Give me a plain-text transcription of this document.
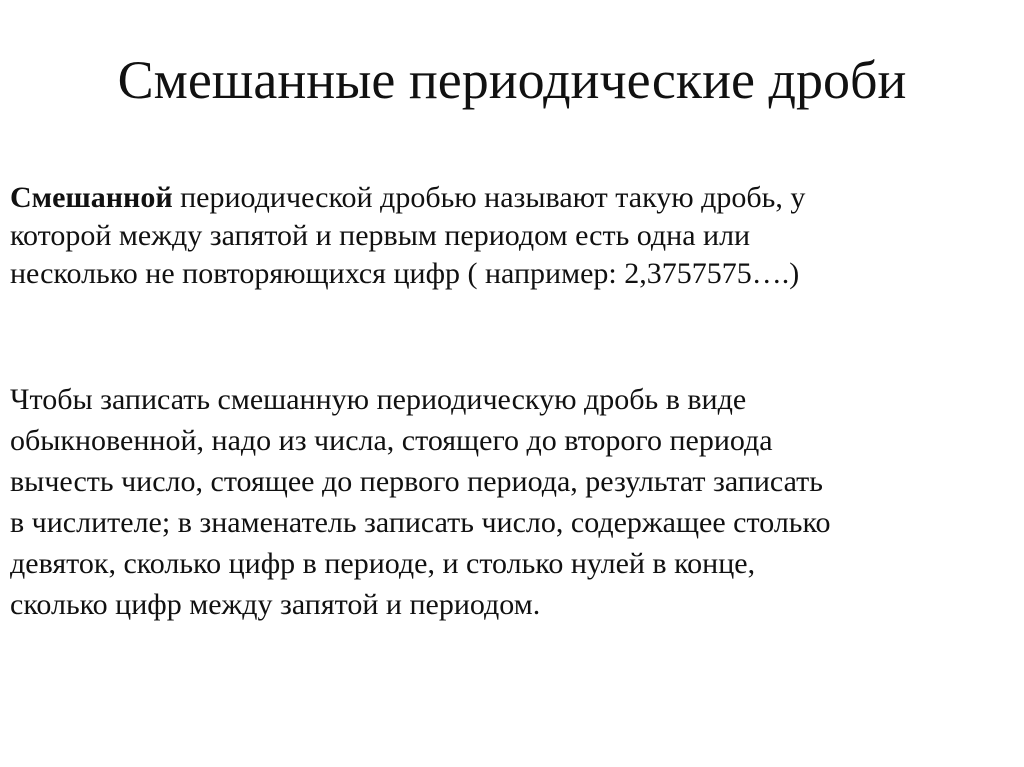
Смешанные периодические дроби
Смешанной периодической дробью называют такую дробь, у
которой между запятой и первым периодом есть одна или
несколько не повторяющихся цифр ( например: 2,3757575….)
Чтобы записать смешанную периодическую дробь в виде
обыкновенной, надо из числа, стоящего до второго периода
вычесть число, стоящее до первого периода, результат записать
в числителе; в знаменатель записать число, содержащее столько
девяток, сколько цифр в периоде, и столько нулей в конце,
сколько цифр между запятой и периодом.
